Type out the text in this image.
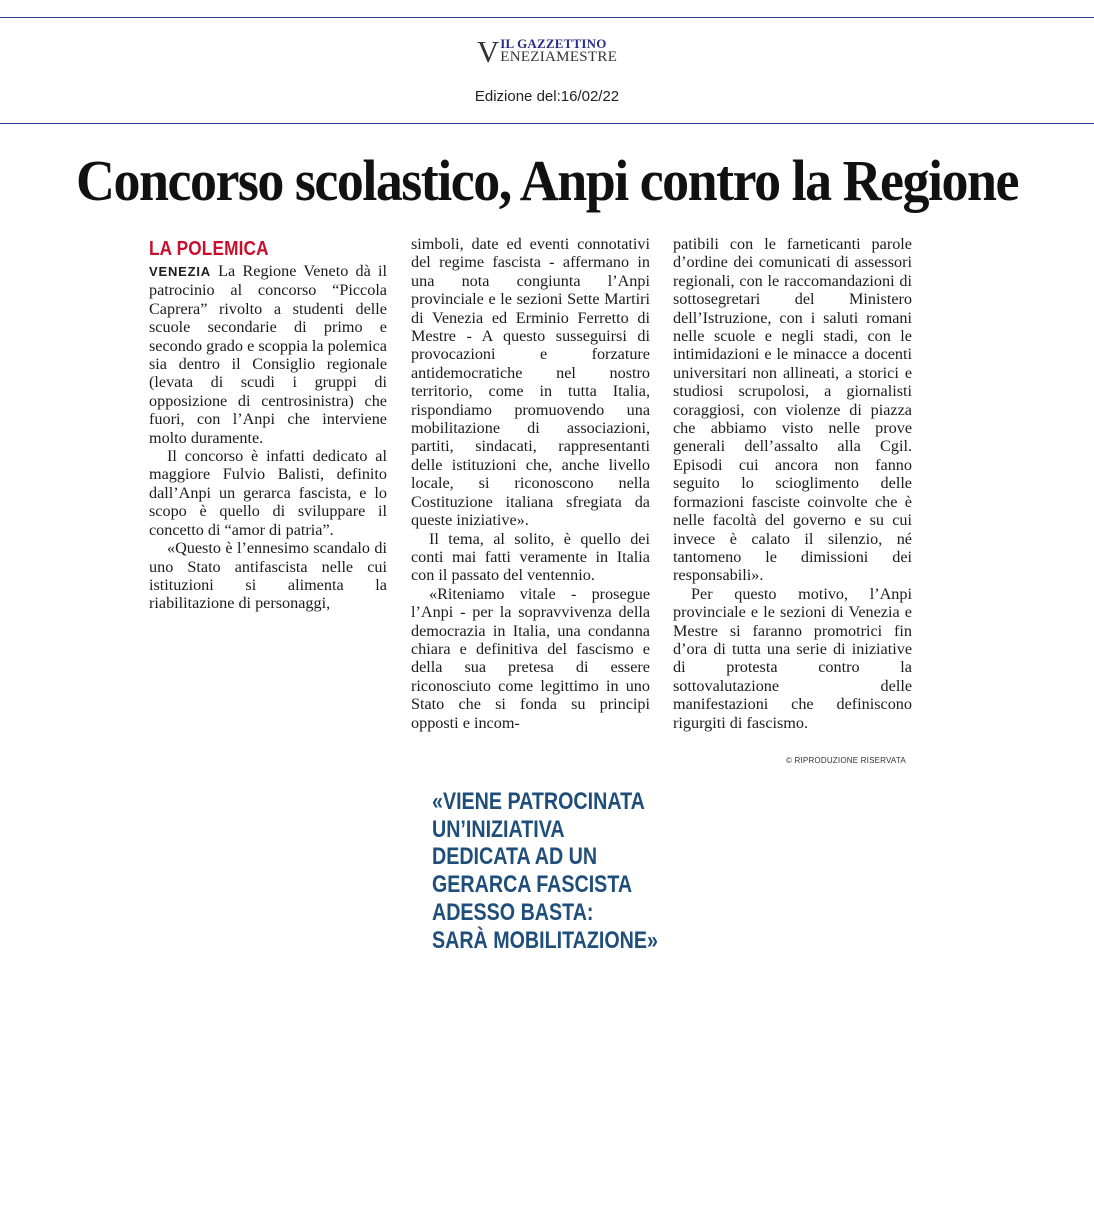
V IL GAZZETTINO
ENEZIAMESTRE
Edizione del:16/02/22
Concorso scolastico, Anpi contro la Regione
LA POLEMICA

VENEZIA La Regione Veneto dà il patrocinio al concorso “Piccola Caprera” rivolto a studenti delle scuole secondarie di primo e secondo grado e scoppia la polemica sia dentro il Consiglio regionale (levata di scudi i gruppi di opposizione di centrosinistra) che fuori, con l’Anpi che interviene molto duramente.

Il concorso è infatti dedicato al maggiore Fulvio Balisti, definito dall’Anpi un gerarca fascista, e lo scopo è quello di sviluppare il concetto di “amor di patria”.

«Questo è l’ennesimo scandalo di uno Stato antifascista nelle cui istituzioni si alimenta la riabilitazione di personaggi,

simboli, date ed eventi connotativi del regime fascista - affermano in una nota congiunta l’Anpi provinciale e le sezioni Sette Martiri di Venezia ed Erminio Ferretto di Mestre - A questo susseguirsi di provocazioni e forzature antidemocratiche nel nostro territorio, come in tutta Italia, rispondiamo promuovendo una mobilitazione di associazioni, partiti, sindacati, rappresentanti delle istituzioni che, anche livello locale, si riconoscono nella Costituzione italiana sfregiata da queste iniziative».

Il tema, al solito, è quello dei conti mai fatti veramente in Italia con il passato del ventennio.

«Riteniamo vitale - prosegue l’Anpi - per la sopravvivenza della democrazia in Italia, una condanna chiara e definitiva del fascismo e della sua pretesa di essere riconosciuto come legittimo in uno Stato che si fonda su principi opposti e incom-

patibili con le farneticanti parole d’ordine dei comunicati di assessori regionali, con le raccomandazioni di sottosegretari del Ministero dell’Istruzione, con i saluti romani nelle scuole e negli stadi, con le intimidazioni e le minacce a docenti universitari non allineati, a storici e studiosi scrupolosi, a giornalisti coraggiosi, con violenze di piazza che abbiamo visto nelle prove generali dell’assalto alla Cgil. Episodi cui ancora non fanno seguito lo scioglimento delle formazioni fasciste coinvolte che è nelle facoltà del governo e su cui invece è calato il silenzio, né tantomeno le dimissioni dei responsabili».

Per questo motivo, l’Anpi provinciale e le sezioni di Venezia e Mestre si faranno promotrici fin d’ora di tutta una serie di iniziative di protesta contro la sottovalutazione delle manifestazioni che definiscono rigurgiti di fascismo.

© RIPRODUZIONE RISERVATA
«VIENE PATROCINATA
UN’INIZIATIVA
DEDICATA AD UN
GERARCA FASCISTA
ADESSO BASTA:
SARÀ MOBILITAZIONE»
